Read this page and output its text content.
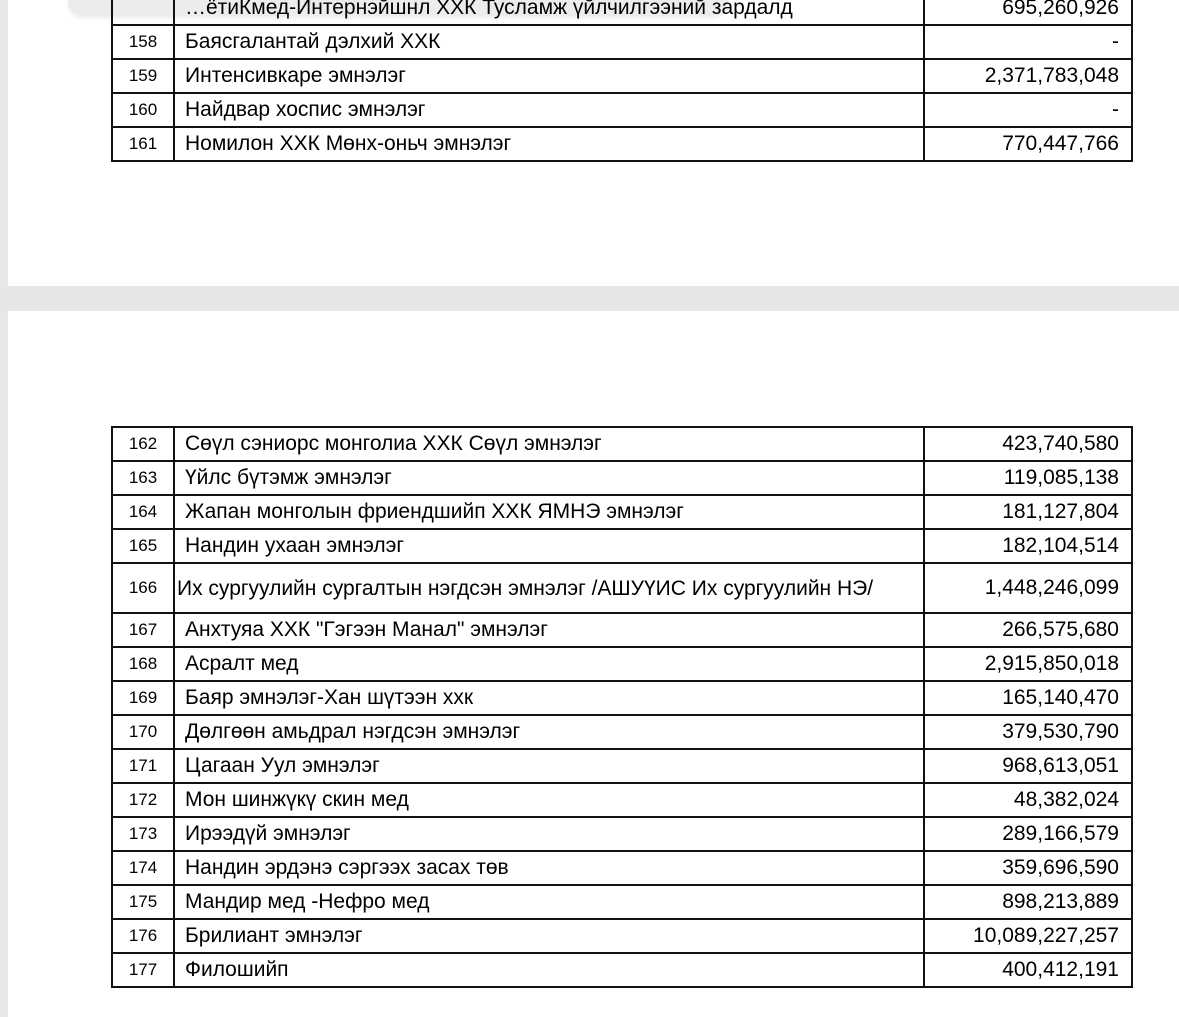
	…ётиКмед-Интернэйшнл ХХК Тусламж үйлчилгээний зардалд	695,260,926
158	Баясгалантай дэлхий ХХК	-
159	Интенсивкаре эмнэлэг	2,371,783,048
160	Найдвар хоспис эмнэлэг	-
161	Номилон ХХК Мөнх-оньч эмнэлэг	770,447,766
162	Сөүл сэниорс монголиа ХХК Сөүл эмнэлэг	423,740,580
163	Үйлс бүтэмж эмнэлэг	119,085,138
164	Жапан монголын фриендшийп ХХК ЯМНЭ эмнэлэг	181,127,804
165	Нандин ухаан эмнэлэг	182,104,514
166	Их сургуулийн сургалтын нэгдсэн эмнэлэг /АШУҮИС Их сургуулийн НЭ/	1,448,246,099
167	Анхтуяа ХХК "Гэгээн Манал" эмнэлэг	266,575,680
168	Асралт мед	2,915,850,018
169	Баяр эмнэлэг-Хан шүтээн ххк	165,140,470
170	Дөлгөөн амьдрал нэгдсэн эмнэлэг	379,530,790
171	Цагаан Уул эмнэлэг	968,613,051
172	Мон шинжүкү скин мед	48,382,024
173	Ирээдүй эмнэлэг	289,166,579
174	Нандин эрдэнэ сэргээх засах төв	359,696,590
175	Мандир мед -Нефро мед	898,213,889
176	Брилиант эмнэлэг	10,089,227,257
177	Филошийп	400,412,191
